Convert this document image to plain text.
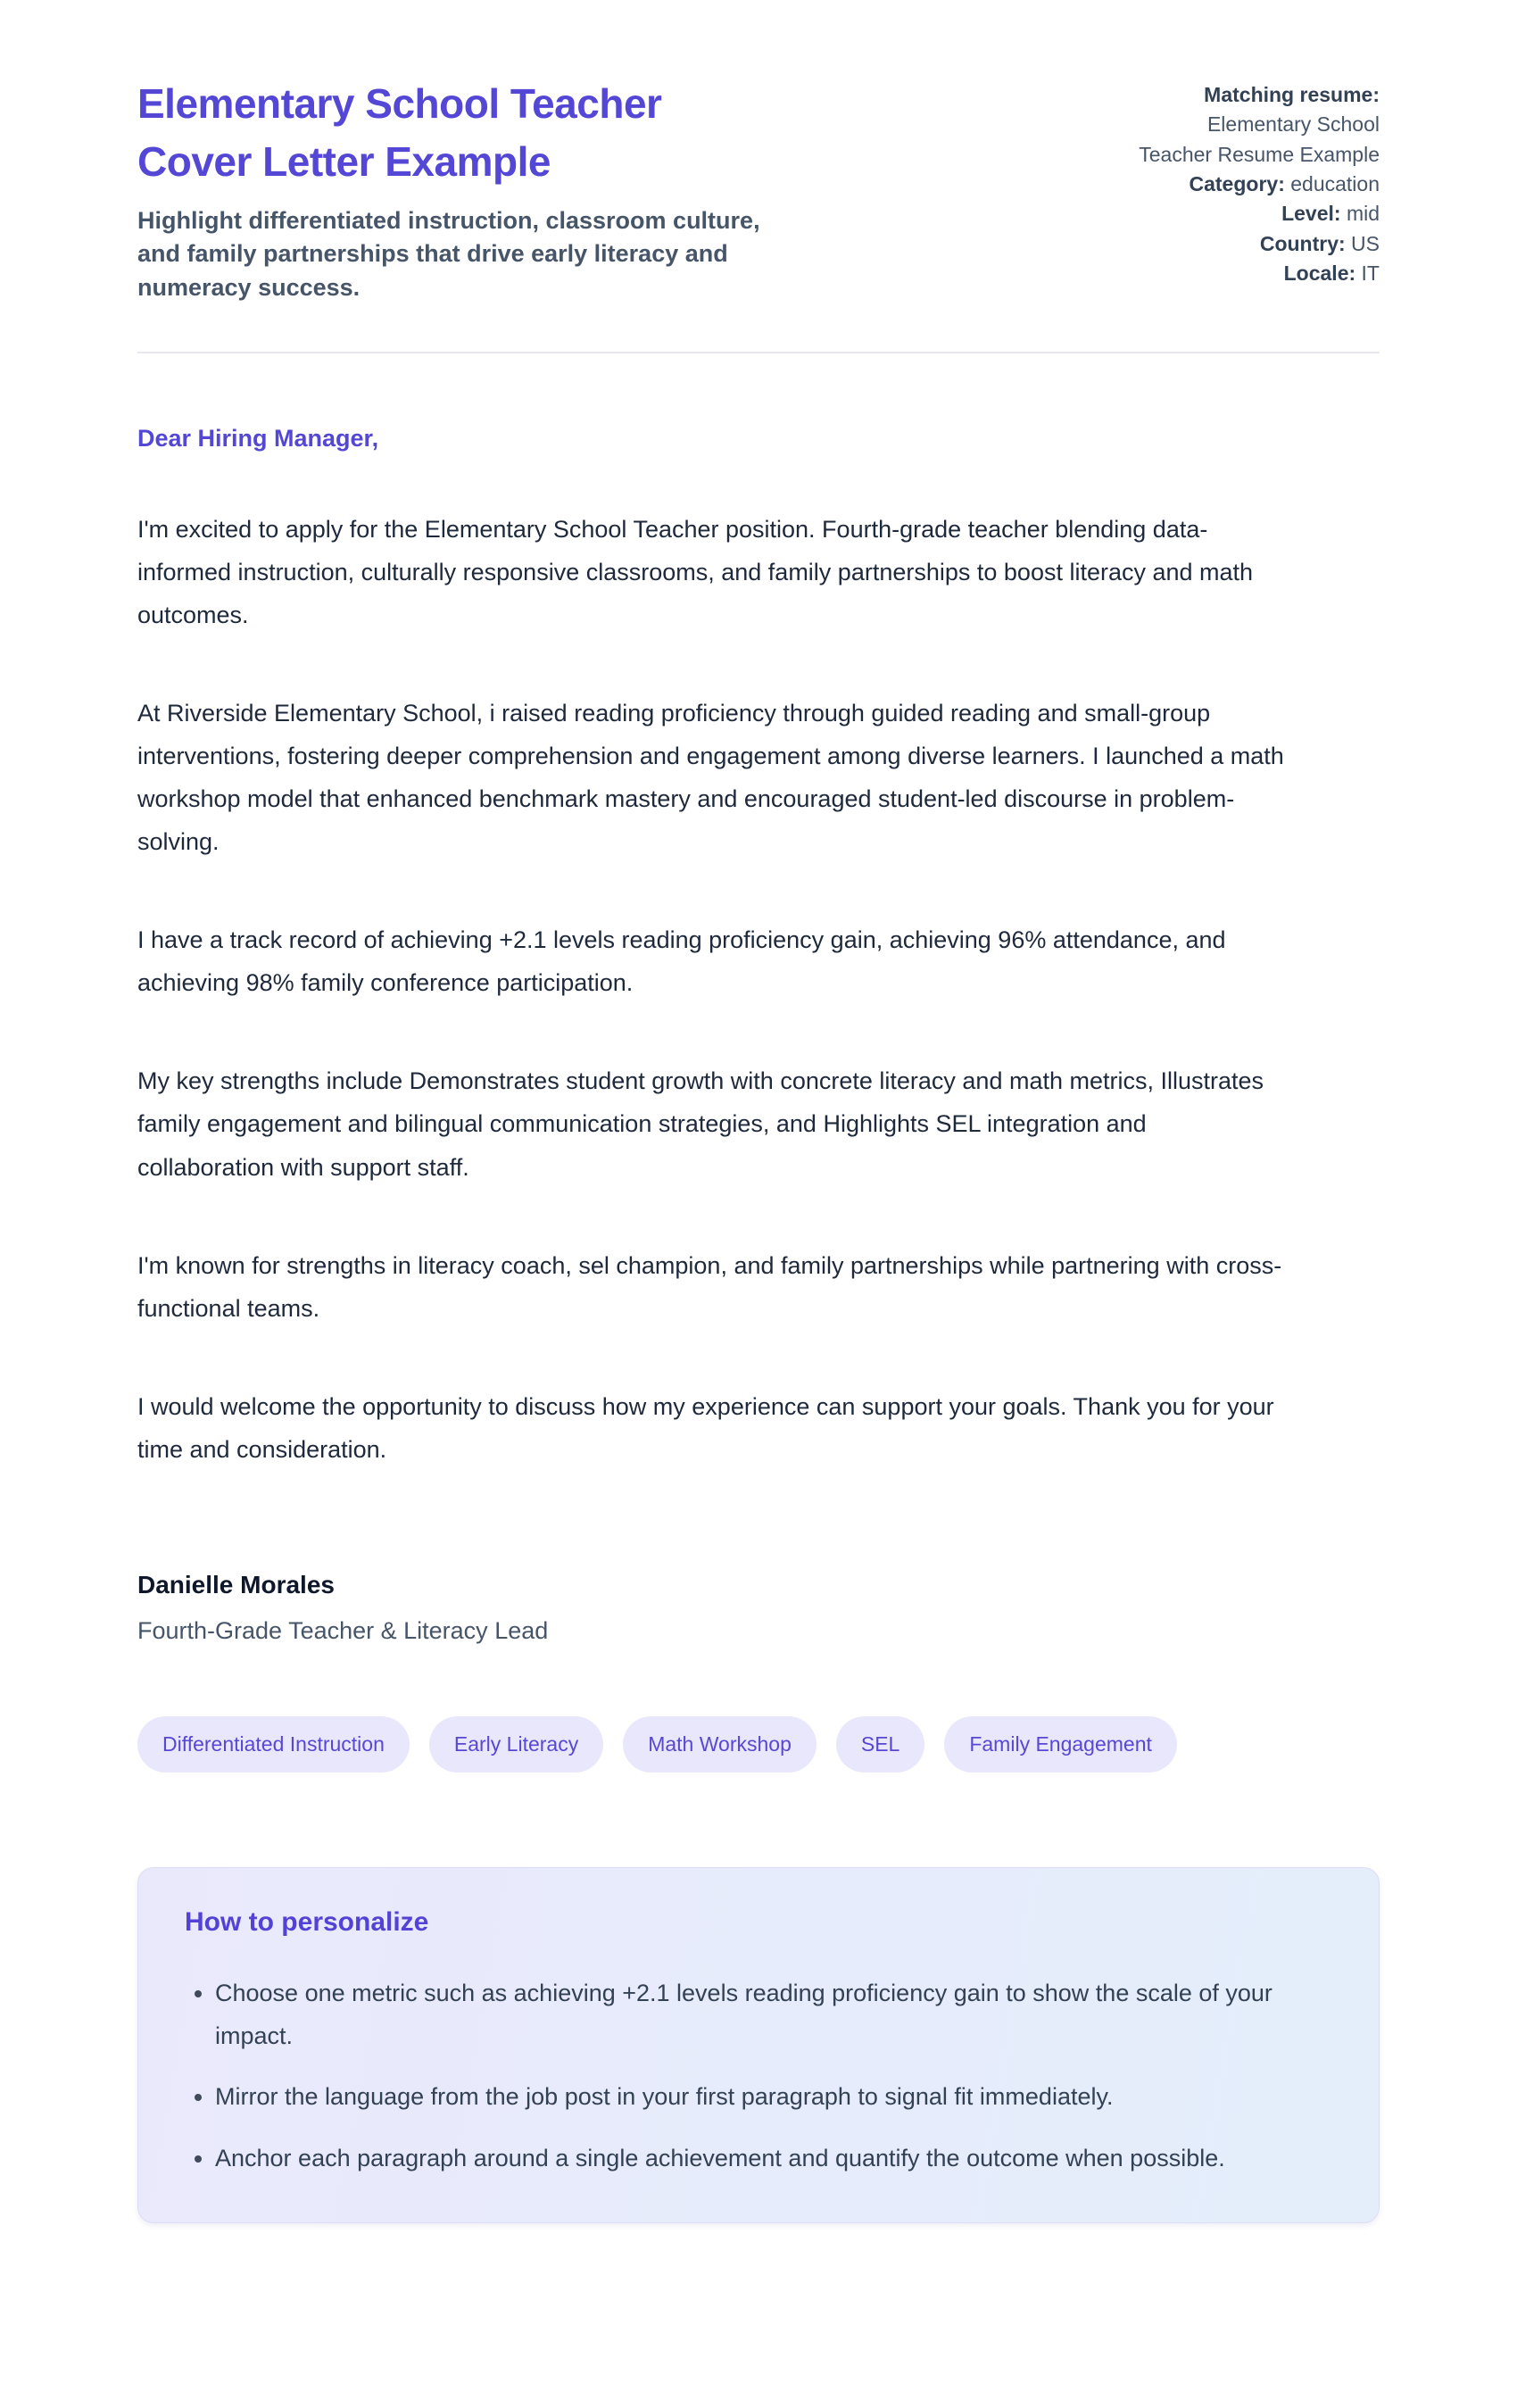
Elementary School Teacher Cover Letter Example

Highlight differentiated instruction, classroom culture, and family partnerships that drive early literacy and numeracy success.

Matching resume:
Elementary School Teacher Resume Example
Category: education
Level: mid
Country: US
Locale: IT

Dear Hiring Manager,

I'm excited to apply for the Elementary School Teacher position. Fourth-grade teacher blending data-informed instruction, culturally responsive classrooms, and family partnerships to boost literacy and math outcomes.

At Riverside Elementary School, i raised reading proficiency through guided reading and small-group interventions, fostering deeper comprehension and engagement among diverse learners. I launched a math workshop model that enhanced benchmark mastery and encouraged student-led discourse in problem-solving.

I have a track record of achieving +2.1 levels reading proficiency gain, achieving 96% attendance, and achieving 98% family conference participation.

My key strengths include Demonstrates student growth with concrete literacy and math metrics, Illustrates family engagement and bilingual communication strategies, and Highlights SEL integration and collaboration with support staff.

I'm known for strengths in literacy coach, sel champion, and family partnerships while partnering with cross-functional teams.

I would welcome the opportunity to discuss how my experience can support your goals. Thank you for your time and consideration.

Danielle Morales

Fourth-Grade Teacher & Literacy Lead

Differentiated Instruction	Early Literacy	Math Workshop	SEL	Family Engagement
How to personalize
• Choose one metric such as achieving +2.1 levels reading proficiency gain to show the scale of your impact.
• Mirror the language from the job post in your first paragraph to signal fit immediately.
• Anchor each paragraph around a single achievement and quantify the outcome when possible.
